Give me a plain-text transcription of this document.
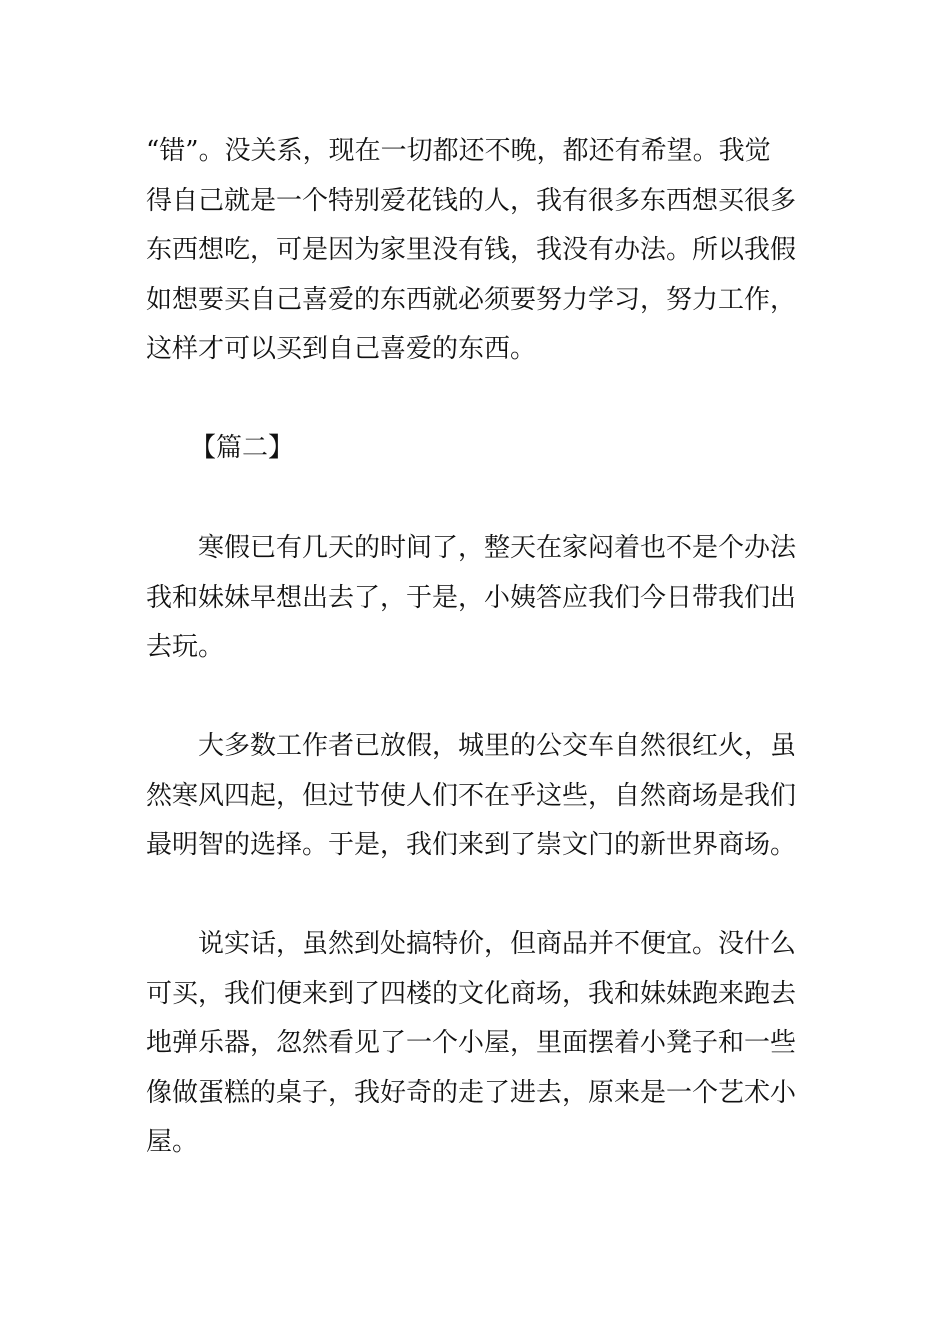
“错”。没关系，现在一切都还不晚，都还有希望。我觉
得自己就是一个特别爱花钱的人，我有很多东西想买很多
东西想吃，可是因为家里没有钱，我没有办法。所以我假
如想要买自己喜爱的东西就必须要努力学习，努力工作，
这样才可以买到自己喜爱的东西。

【篇二】

寒假已有几天的时间了，整天在家闷着也不是个办法
我和妹妹早想出去了，于是，小姨答应我们今日带我们出
去玩。

大多数工作者已放假，城里的公交车自然很红火，虽
然寒风四起，但过节使人们不在乎这些，自然商场是我们
最明智的选择。于是，我们来到了崇文门的新世界商场。

说实话，虽然到处搞特价，但商品并不便宜。没什么
可买，我们便来到了四楼的文化商场，我和妹妹跑来跑去
地弹乐器，忽然看见了一个小屋，里面摆着小凳子和一些
像做蛋糕的桌子，我好奇的走了进去，原来是一个艺术小
屋。
